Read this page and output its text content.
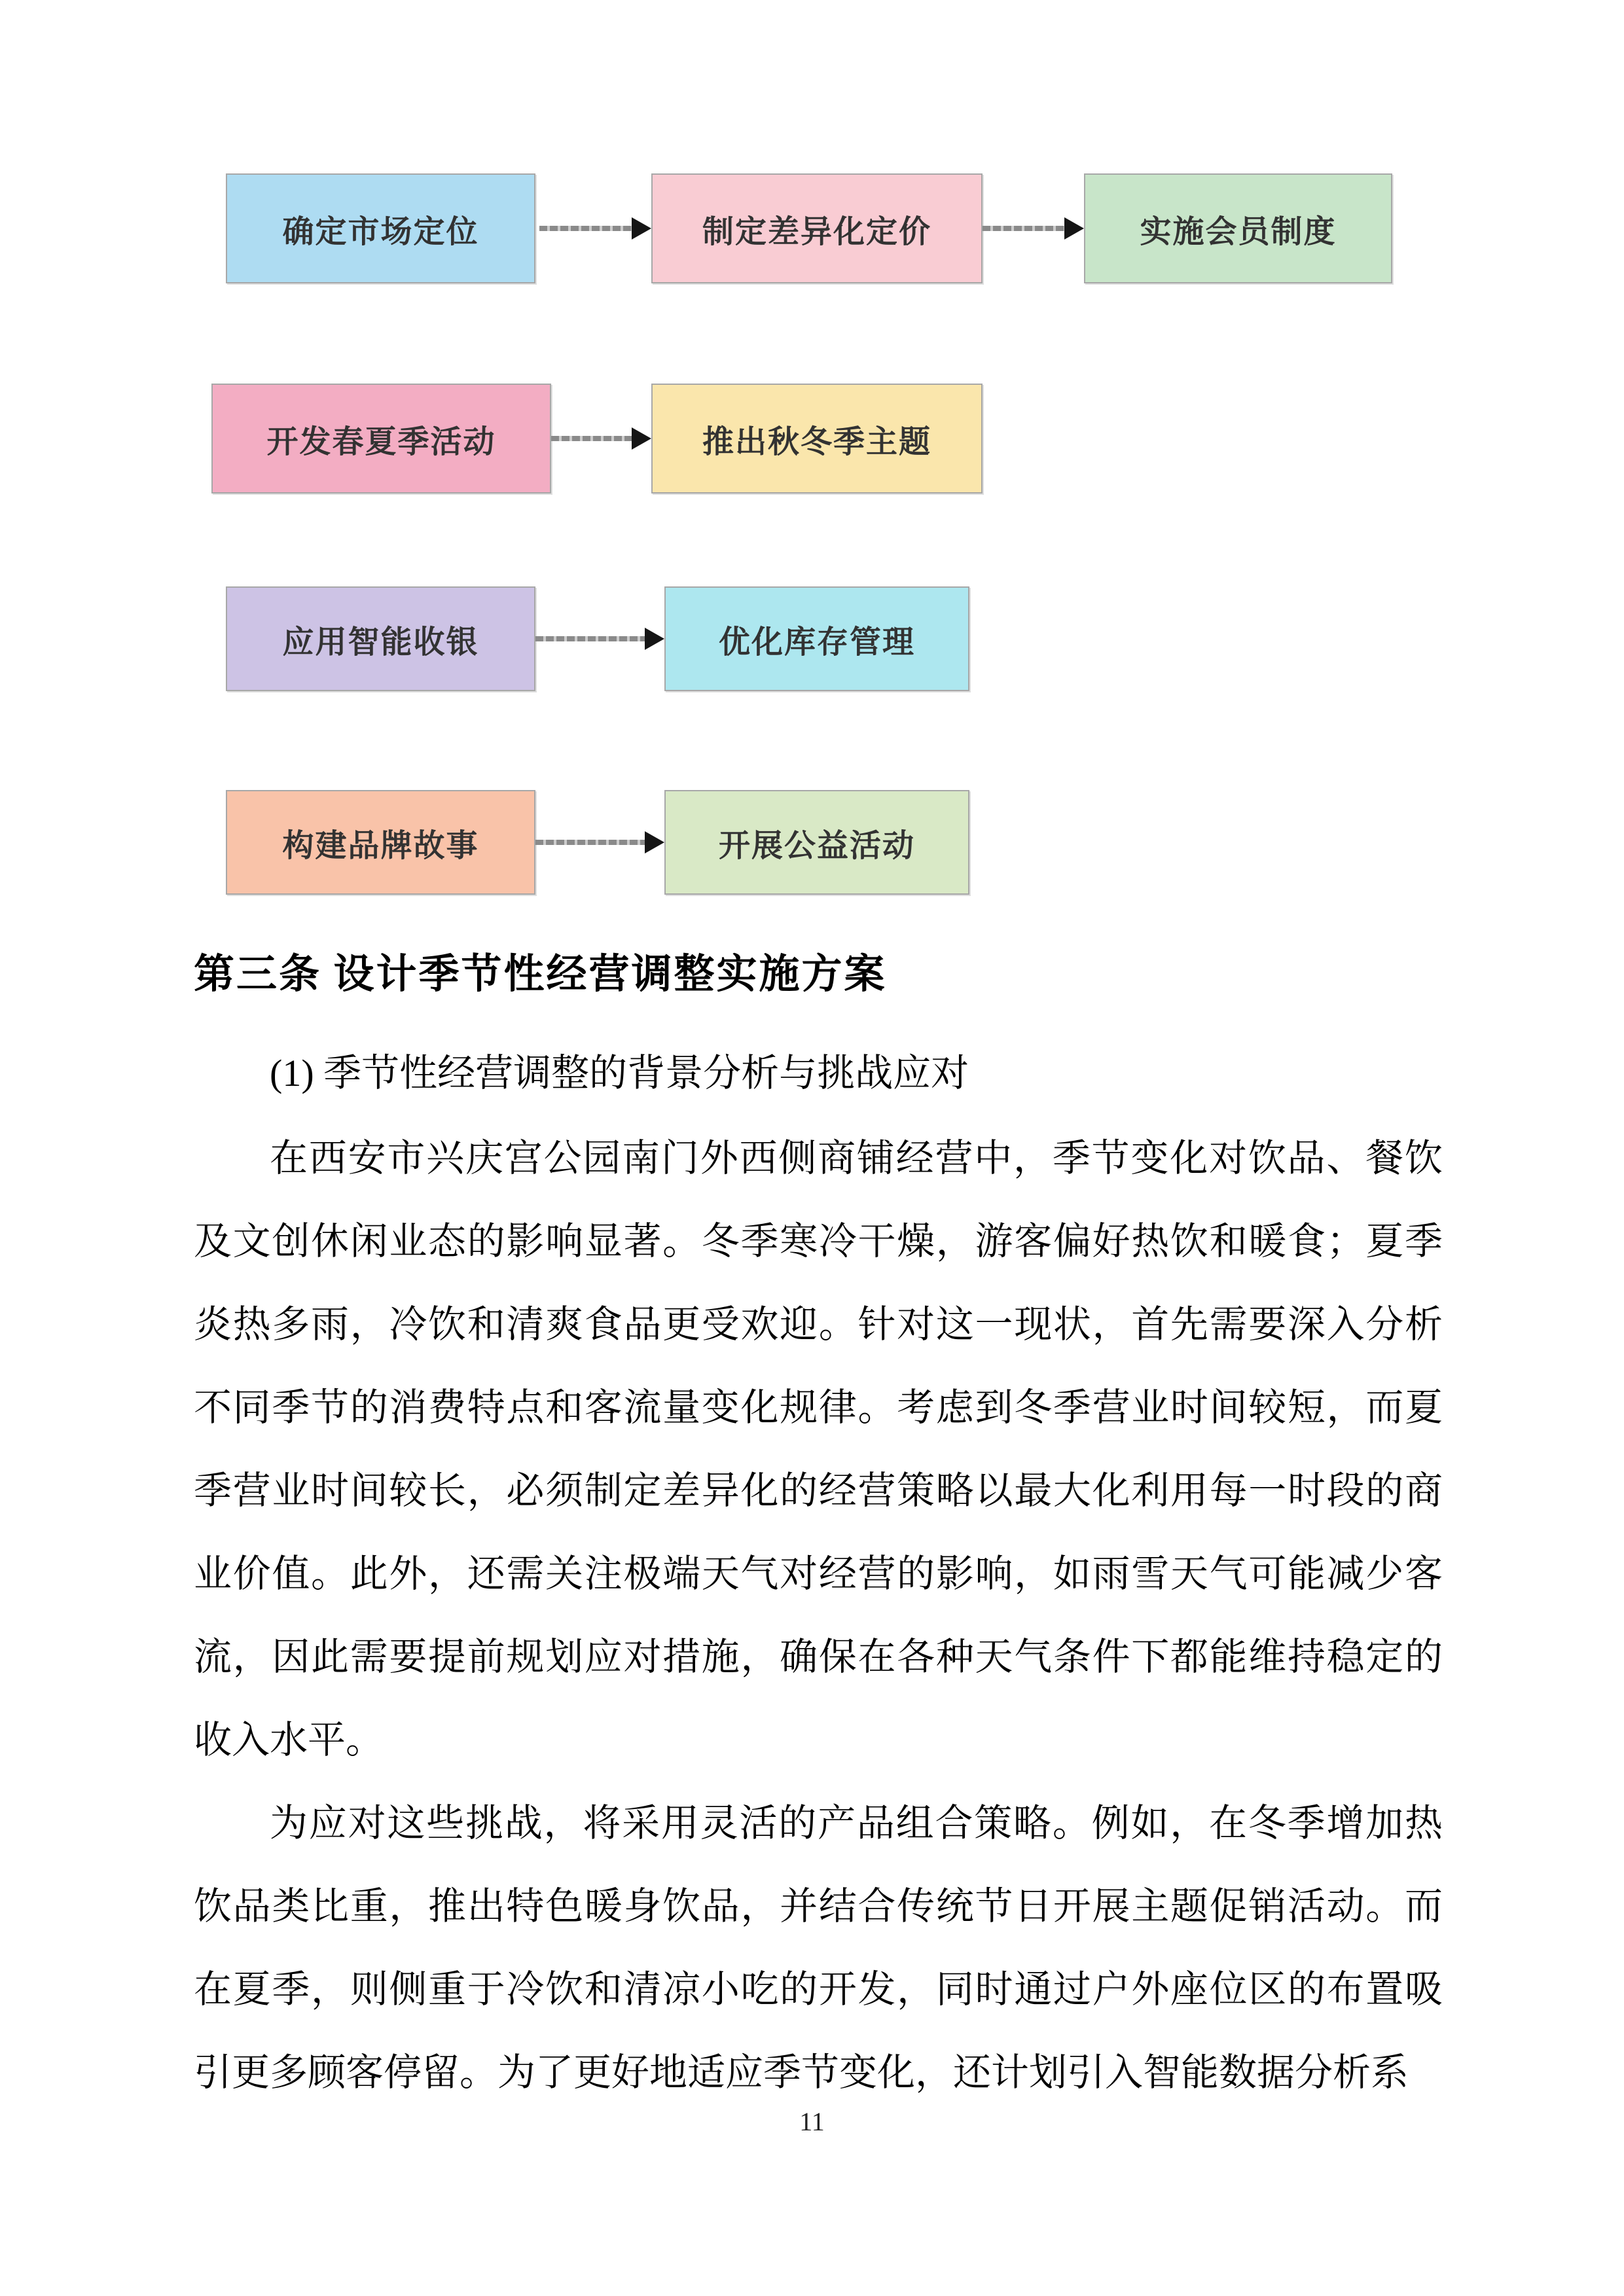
确定市场定位	制定差异化定价	实施会员制度
开发春夏季活动	推出秋冬季主题
应用智能收银	优化库存管理
构建品牌故事	开展公益活动
第三条 设计季节性经营调整实施方案

(1) 季节性经营调整的背景分析与挑战应对

在西安市兴庆宫公园南门外西侧商铺经营中，季节变化对饮品、餐饮及文创休闲业态的影响显著。冬季寒冷干燥，游客偏好热饮和暖食；夏季炎热多雨，冷饮和清爽食品更受欢迎。针对这一现状，首先需要深入分析不同季节的消费特点和客流量变化规律。考虑到冬季营业时间较短，而夏季营业时间较长，必须制定差异化的经营策略以最大化利用每一时段的商业价值。此外，还需关注极端天气对经营的影响，如雨雪天气可能减少客流，因此需要提前规划应对措施，确保在各种天气条件下都能维持稳定的收入水平。

为应对这些挑战，将采用灵活的产品组合策略。例如，在冬季增加热饮品类比重，推出特色暖身饮品，并结合传统节日开展主题促销活动。而在夏季，则侧重于冷饮和清凉小吃的开发，同时通过户外座位区的布置吸引更多顾客停留。为了更好地适应季节变化，还计划引入智能数据分析系

11
